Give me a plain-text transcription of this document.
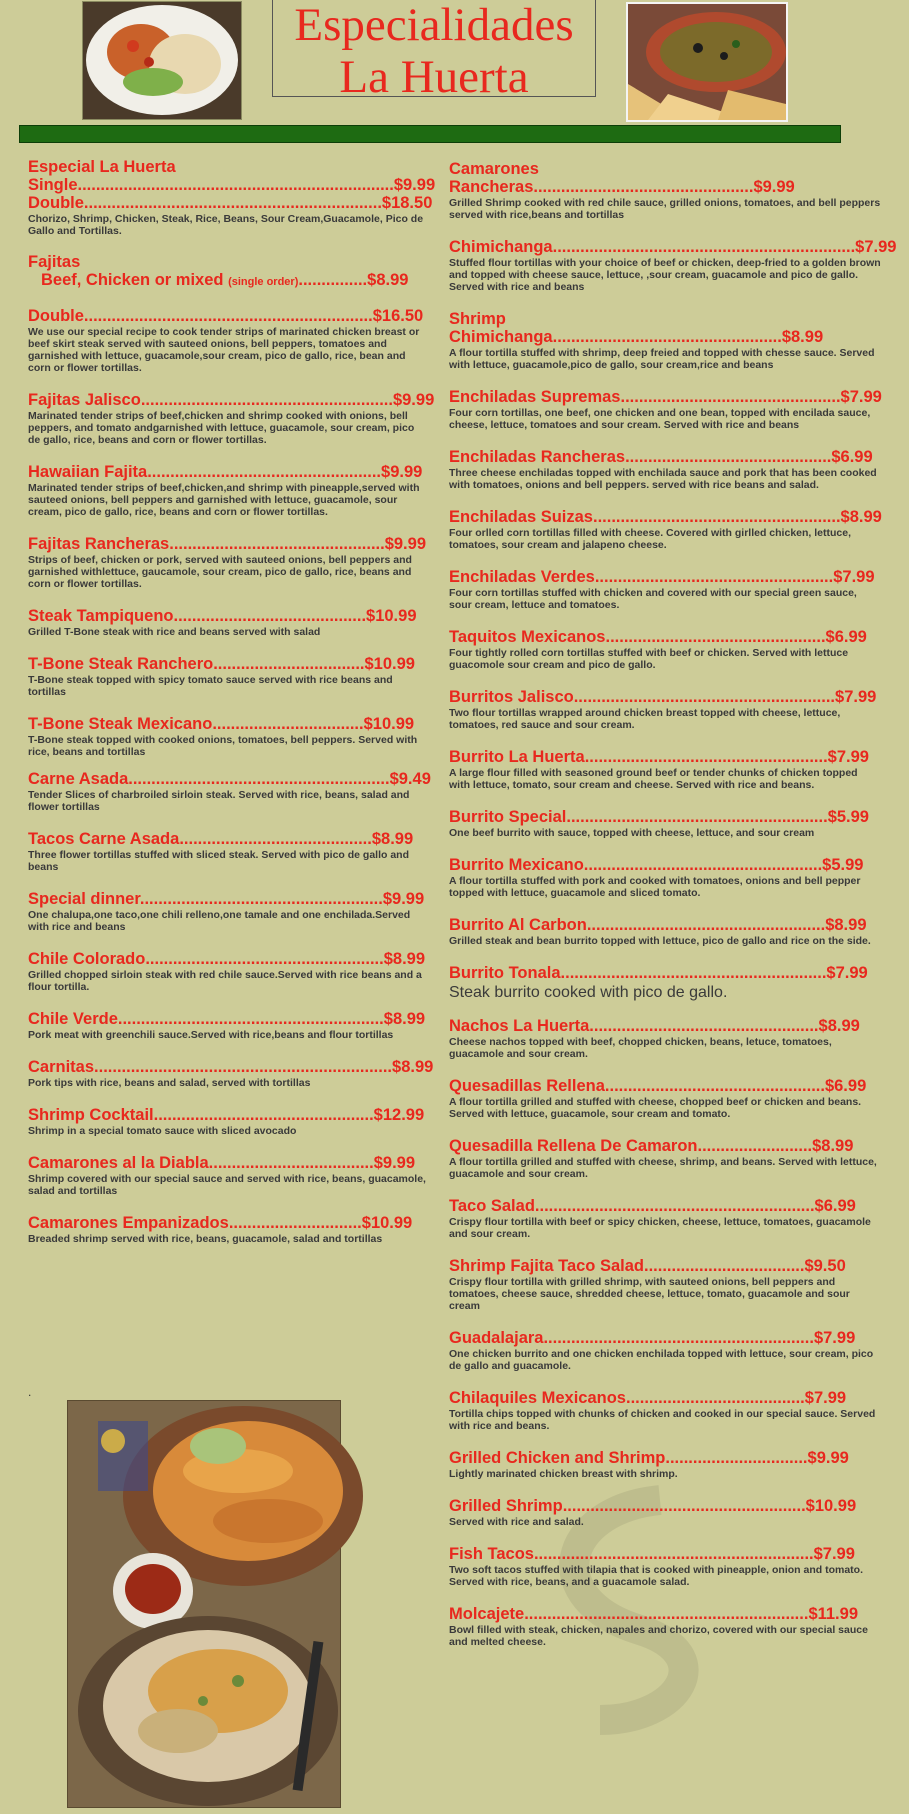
Especialidades
La Huerta
Especial La Huerta
Single.....................................................................$9.99
Double.................................................................$18.50
Chorizo, Shrimp, Chicken, Steak, Rice, Beans, Sour Cream,Guacamole, Pico de Gallo and Tortillas.
Fajitas
Beef, Chicken or mixed (single order)...............$8.99
Double...............................................................$16.50
We use our special recipe to cook tender strips of marinated chicken breast or beef skirt steak served with sauteed onions, bell peppers, tomatoes and garnished with lettuce, guacamole,sour cream, pico de gallo, rice, bean and corn or flower tortillas.
Fajitas Jalisco.......................................................$9.99
Marinated tender strips of beef,chicken and shrimp cooked with onions, bell peppers, and tomato andgarnished with lettuce, guacamole, sour cream, pico de gallo, rice, beans and corn or flower tortillas.
Hawaiian Fajita...................................................$9.99
Marinated tender strips of beef,chicken,and shrimp with pineapple,served with sauteed onions, bell peppers and garnished with lettuce, guacamole, sour cream, pico de gallo, rice, beans and corn or flower tortillas.
Fajitas Rancheras...............................................$9.99
Strips of beef, chicken or pork, served with sauteed onions, bell peppers and garnished withlettuce, gaucamole, sour cream, pico de gallo, rice, beans and corn or flower tortillas.
Steak Tampiqueno..........................................$10.99
Grilled T-Bone steak with rice and beans served with salad
T-Bone Steak Ranchero.................................$10.99
T-Bone steak topped with spicy tomato sauce served with rice beans and tortillas
T-Bone Steak Mexicano.................................$10.99
T-Bone steak topped with cooked onions, tomatoes, bell peppers. Served with rice, beans and tortillas
Carne Asada.........................................................$9.49
Tender Slices of charbroiled sirloin steak. Served with rice, beans, salad and flower tortillas
Tacos Carne Asada..........................................$8.99
Three flower tortillas stuffed with sliced steak. Served with pico de gallo and beans
Special dinner.....................................................$9.99
One chalupa,one taco,one chili relleno,one tamale and one enchilada.Served with rice and beans
Chile Colorado....................................................$8.99
Grilled chopped sirloin steak with red chile sauce.Served with rice beans and a flour tortilla.
Chile Verde..........................................................$8.99
Pork meat with greenchili sauce.Served with rice,beans and flour tortillas
Carnitas.................................................................$8.99
Pork tips with rice, beans and salad, served with tortillas
Shrimp Cocktail................................................$12.99
Shrimp in a special tomato sauce with sliced avocado
Camarones al la Diabla....................................$9.99
Shrimp covered with our special sauce and served with rice, beans, guacamole, salad and tortillas
Camarones Empanizados.............................$10.99
Breaded shrimp served with rice, beans, guacamole, salad and tortillas
.
Camarones
Rancheras................................................$9.99
Grilled Shrimp cooked with red chile sauce, grilled onions, tomatoes, and bell peppers served with rice,beans and tortillas
Chimichanga..................................................................$7.99
Stuffed flour tortillas with your choice of beef or chicken, deep-fried to a golden brown and topped with cheese sauce, lettuce, ,sour cream, guacamole and pico de gallo. Served with rice and beans
Shrimp
Chimichanga..................................................$8.99
A flour tortilla stuffed with shrimp, deep freied and topped with chesse sauce. Served with lettuce, guacamole,pico de gallo, sour cream,rice and beans
Enchiladas Supremas................................................$7.99
Four corn tortillas, one beef, one chicken and one bean, topped with encilada sauce, cheese, lettuce, tomatoes and sour cream. Served with rice and beans
Enchiladas Rancheras.............................................$6.99
Three cheese enchiladas topped with enchilada sauce and pork that has been cooked with tomatoes, onions and bell peppers. served with rice beans and salad.
Enchiladas Suizas......................................................$8.99
Four orlled corn tortillas filled with cheese. Covered with girlled chicken, lettuce, tomatoes, sour cream and jalapeno cheese.
Enchiladas Verdes....................................................$7.99
Four corn tortillas stuffed with chicken and covered with our special green sauce, sour cream, lettuce and tomatoes.
Taquitos Mexicanos................................................$6.99
Four tightly rolled corn tortillas stuffed with beef or chicken. Served with lettuce guacomole sour cream and pico de gallo.
Burritos Jalisco.........................................................$7.99
Two flour tortillas wrapped around chicken breast topped with cheese, lettuce, tomatoes, red sauce and sour cream.
Burrito La Huerta.....................................................$7.99
A large flour filled with seasoned ground beef or tender chunks of chicken topped with lettuce, tomato, sour cream and cheese. Served with rice and beans.
Burrito Special.........................................................$5.99
One beef burrito with sauce, topped with cheese, lettuce, and sour cream
Burrito Mexicano....................................................$5.99
A flour tortilla stuffed with pork and cooked with tomatoes, onions and bell pepper topped with lettuce, guacamole and sliced tomato.
Burrito Al Carbon....................................................$8.99
Grilled steak and bean burrito topped with lettuce, pico de gallo and rice on the side.
Burrito Tonala..........................................................$7.99
Steak burrito cooked with pico de gallo.
Nachos La Huerta..................................................$8.99
Cheese nachos topped with beef, chopped chicken, beans, letuce, tomatoes, guacamole and sour cream.
Quesadillas Rellena................................................$6.99
A flour tortilla grilled and stuffed with cheese, chopped beef or chicken and beans. Served with lettuce, guacamole, sour cream and tomato.
Quesadilla Rellena De Camaron.........................$8.99
A flour tortilla grilled and stuffed with cheese, shrimp, and beans. Served with lettuce, guacamole and sour cream.
Taco Salad.............................................................$6.99
Crispy flour tortilla with beef or spicy chicken, cheese, lettuce, tomatoes, guacamole and sour cream.
Shrimp Fajita Taco Salad...................................$9.50
Crispy flour tortilla with grilled shrimp, with sauteed onions, bell peppers and tomatoes, cheese sauce, shredded cheese, lettuce, tomato, guacamole and sour cream
Guadalajara...........................................................$7.99
One chicken burrito and one chicken enchilada topped with lettuce, sour cream, pico de gallo and guacamole.
Chilaquiles Mexicanos.......................................$7.99
Tortilla chips topped with chunks of chicken and cooked in our special sauce. Served with rice and beans.
Grilled Chicken and Shrimp...............................$9.99
Lightly marinated chicken breast with shrimp.
Grilled Shrimp.....................................................$10.99
Served with rice and salad.
Fish Tacos.............................................................$7.99
Two soft tacos stuffed with tilapia that is cooked with pineapple, onion and tomato. Served with rice, beans, and a guacamole salad.
Molcajete..............................................................$11.99
Bowl filled with steak, chicken, napales and chorizo, covered with our special sauce and melted cheese.
